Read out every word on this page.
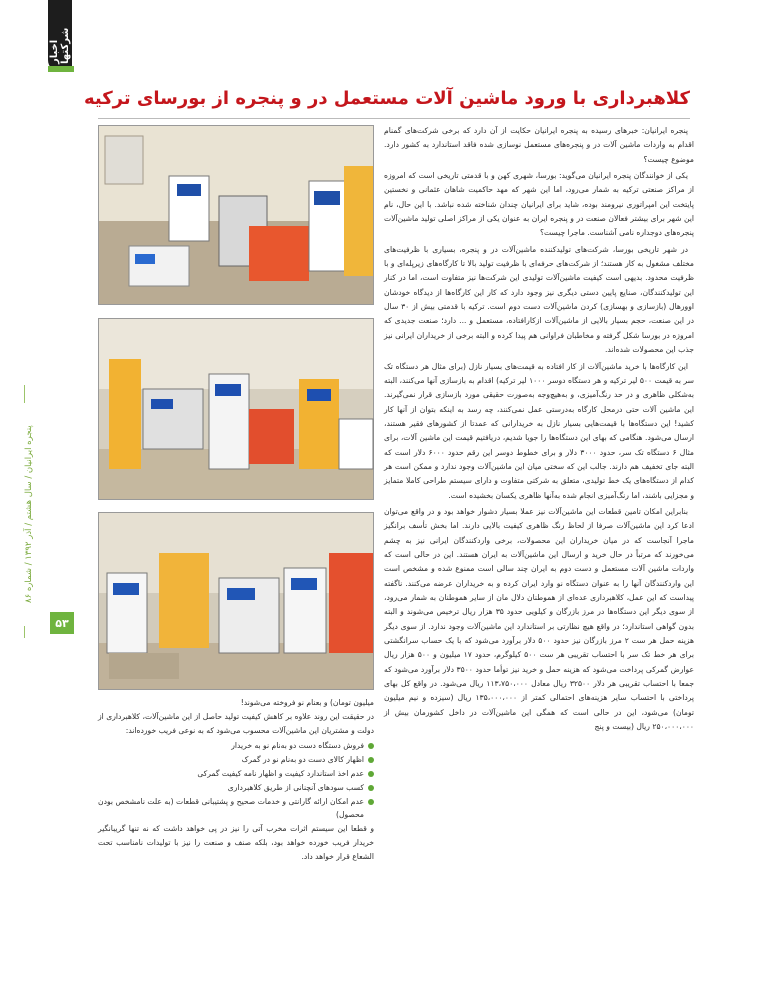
اخبار شرکتها
کلاهبرداری با ورود ماشین آلات مستعمل در و پنجره از بورسای ترکیه
پنجره ایرانیان / سال هشتم / آذر ۱۳۹۲ / شماره ۸۶
۵۳

پنجره ایرانیان: خبرهای رسیده به پنجره ایرانیان حکایت از آن دارد که برخی شرکت‌های گمنام اقدام به واردات ماشین آلات در و پنجره‌های مستعمل نوسازی شده فاقد استاندارد به کشور دارد. موضوع چیست؟

یکی از خوانندگان پنجره ایرانیان می‌گوید: بورسا، شهری کهن و با قدمتی تاریخی است که امروزه از مراکز صنعتی ترکیه به شمار می‌رود، اما این شهر که مهد حاکمیت شاهان عثمانی و نخستین پایتخت این امپراتوری نیرومند بوده، شاید برای ایرانیان چندان شناخته شده نباشد. با این حال، نام این شهر برای بیشتر فعالان صنعت در و پنجره ایران به عنوان یکی از مراکز اصلی تولید ماشین‌آلات پنجره‌های دوجداره نامی آشناست. ماجرا چیست؟

در شهر تاریخی بورسا، شرکت‌های تولیدکننده ماشین‌آلات در و پنجره، بسیاری با ظرفیت‌های مختلف مشغول به کار هستند؛ از شرکت‌های حرفه‌ای با ظرفیت تولید بالا تا کارگاه‌های زیرپله‌ای و با ظرفیت محدود. بدیهی است کیفیت ماشین‌آلات تولیدی این شرکت‌ها نیز متفاوت است، اما در کنار این تولیدکنندگان، صنایع پایین دستی دیگری نیز وجود دارد که کار این کارگاه‌ها از دیدگاه خودشان اوورهال (بازسازی و بهسازی) کردن ماشین‌آلات دست دوم است. ترکیه با قدمتی بیش از ۳۰ سال در این صنعت، حجم بسیار بالایی از ماشین‌آلات ازکارافتاده، مستعمل و ... دارد؛ صنعت جدیدی که امروزه در بورسا شکل گرفته و مخاطبان فراوانی هم پیدا کرده و البته برخی از خریداران ایرانی نیز جذب این محصولات شده‌اند.

این کارگاه‌ها با خرید ماشین‌آلات از کار افتاده به قیمت‌های بسیار نازل (برای مثال هر دستگاه تک سر به قیمت ۵۰۰ لیر ترکیه و هر دستگاه دوسر ۱۰۰۰ لیر ترکیه) اقدام به بازسازی آنها می‌کنند، البته به‌شکلی ظاهری و در حد رنگ‌آمیزی، و به‌هیچ‌وجه به‌صورت حقیقی مورد بازسازی قرار نمی‌گیرند. این ماشین آلات حتی درمحل کارگاه به‌درستی عمل نمی‌کنند، چه رسد به اینکه بتوان از آنها کار کشید! این دستگاه‌ها با قیمت‌هایی بسیار نازل به خریدارانی که عمدتا از کشورهای فقیر هستند، ارسال می‌شود. هنگامی که بهای این دستگاه‌ها را جویا شدیم، دریافتیم قیمت این ماشین آلات، برای مثال ۶ دستگاه تک سر، حدود ۳۰۰۰ دلار و برای خطوط دوسر این رقم حدود ۶۰۰۰ دلار است که البته جای تخفیف هم دارند. جالب این که سختی میان این ماشین‌آلات وجود ندارد و ممکن است هر کدام از دستگاه‌های یک خط تولیدی، متعلق به شرکتی متفاوت و دارای سیستم طراحی کاملا متمایز و مجزایی باشند، اما رنگ‌آمیزی انجام شده به‌آنها ظاهری یکسان بخشیده است.

بنابراین امکان تامین قطعات این ماشین‌آلات نیز عملا بسیار دشوار خواهد بود و در واقع می‌توان ادعا کرد این ماشین‌آلات صرفا از لحاظ رنگ ظاهری کیفیت بالایی دارند. اما بخش تأسف برانگیز ماجرا آنجاست که در میان خریداران این محصولات، برخی واردکنندگان ایرانی نیز به چشم می‌خورند که مرتباً در حال خرید و ارسال این ماشین‌آلات به ایران هستند. این در حالی است که واردات ماشین آلات مستعمل و دست دوم به ایران چند سالی است ممنوع شده و مشخص است این واردکنندگان آنها را به عنوان دستگاه نو وارد ایران کرده و به خریداران عرضه می‌کنند. ناگفته پیداست که این عمل، کلاهبرداری عده‌ای از هموطنان دلال مان از سایر هموطنان به شمار می‌رود، از سوی دیگر این دستگاه‌ها در مرز بازرگان و کیلویی حدود ۳۵ هزار ریال ترخیص می‌شوند و البته بدون گواهی استاندارد؛ در واقع هیچ نظارتی بر استاندارد این ماشین‌آلات وجود ندارد. از سوی دیگر هزینه حمل هر ست ۲ مرز بازرگان نیز حدود ۵۰۰ دلار برآورد می‌شود که با یک حساب سرانگشتی برای هر خط تک سر با احتساب تقریبی هر ست ۵۰۰ کیلوگرم، حدود ۱۷ میلیون و ۵۰۰ هزار ریال عوارض گمرکی پرداخت می‌شود که هزینه حمل و خرید نیز توأما حدود ۳۵۰۰ دلار برآورد می‌شود که جمعا با احتساب تقریبی هر دلار ۳۲۵۰۰ ریال معادل ۱۱۳،۷۵۰،۰۰۰ ریال می‌شود. در واقع کل بهای پرداختی با احتساب سایر هزینه‌های احتمالی کمتر از ۱۳۵،۰۰۰،۰۰۰ ریال (سیزده و نیم میلیون تومان) می‌شود، این در حالی است که همگی این ماشین‌آلات در داخل کشورمان بیش از ۲۵۰،۰۰۰،۰۰۰ ریال (بیست و پنج

میلیون تومان) و بعنام نو فروخته می‌شوند!

در حقیقت این روند علاوه بر کاهش کیفیت تولید حاصل از این ماشین‌آلات، کلاهبرداری از دولت و مشتریان این ماشین‌آلات محسوب می‌شود که به نوعی فریب خورده‌اند:

فروش دستگاه دست دو به‌نام نو به خریدار
اظهار کالای دست دو به‌نام نو در گمرک
عدم اخذ استاندارد کیفیت و اظهار نامه کیفیت گمرکی
کسب سودهای آنچنانی از طریق کلاهبرداری
عدم امکان ارائه گارانتی و خدمات صحیح و پشتیبانی قطعات (به علت نامشخص بودن محصول)

و قطعا این سیستم اثرات مخرب آتی را نیز در پی خواهد داشت که نه تنها گریبانگیر خریدار فریب خورده خواهد بود، بلکه صنف و صنعت را نیز با تولیدات نامناسب تحت الشعاع قرار خواهد داد.
